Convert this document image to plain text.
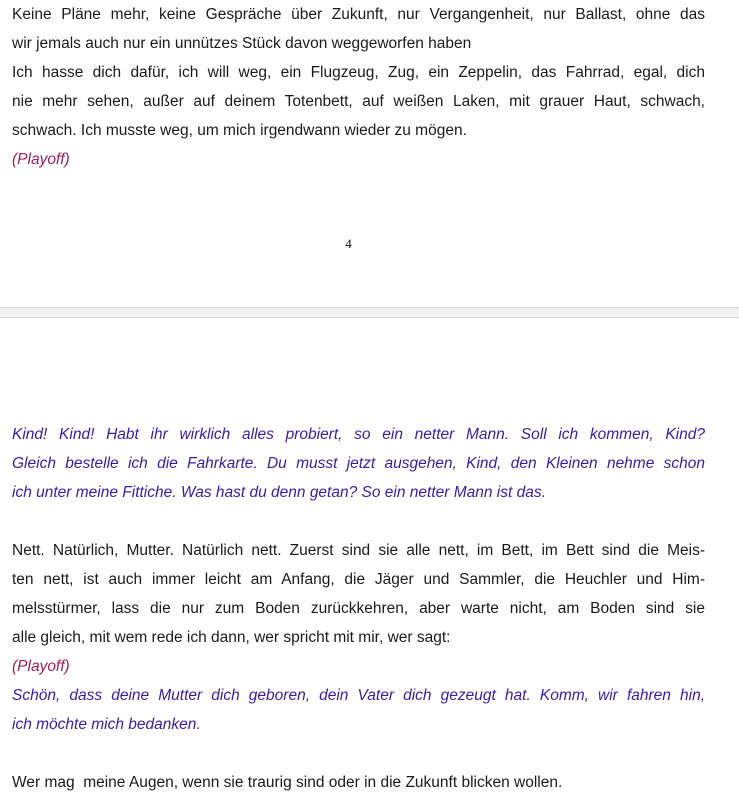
Keine Pläne mehr, keine Gespräche über Zukunft, nur Vergangenheit, nur Ballast, ohne das
wir jemals auch nur ein unnützes Stück davon weggeworfen haben

Ich hasse dich dafür, ich will weg, ein Flugzeug, Zug, ein Zeppelin, das Fahrrad, egal, dich
nie mehr sehen, außer auf deinem Totenbett, auf weißen Laken, mit grauer Haut, schwach,
schwach. Ich musste weg, um mich irgendwann wieder zu mögen.

(Playoff)

4

Kind! Kind! Habt ihr wirklich alles probiert, so ein netter Mann. Soll ich kommen, Kind?
Gleich bestelle ich die Fahrkarte. Du musst jetzt ausgehen, Kind, den Kleinen nehme schon
ich unter meine Fittiche. Was hast du denn getan? So ein netter Mann ist das.

Nett. Natürlich, Mutter. Natürlich nett. Zuerst sind sie alle nett, im Bett, im Bett sind die Meis-
ten nett, ist auch immer leicht am Anfang, die Jäger und Sammler, die Heuchler und Him-
melsstürmer, lass die nur zum Boden zurückkehren, aber warte nicht, am Boden sind sie
alle gleich, mit wem rede ich dann, wer spricht mit mir, wer sagt:

(Playoff)

Schön, dass deine Mutter dich geboren, dein Vater dich gezeugt hat. Komm, wir fahren hin,
ich möchte mich bedanken.

Wer mag  meine Augen, wenn sie traurig sind oder in die Zukunft blicken wollen.
